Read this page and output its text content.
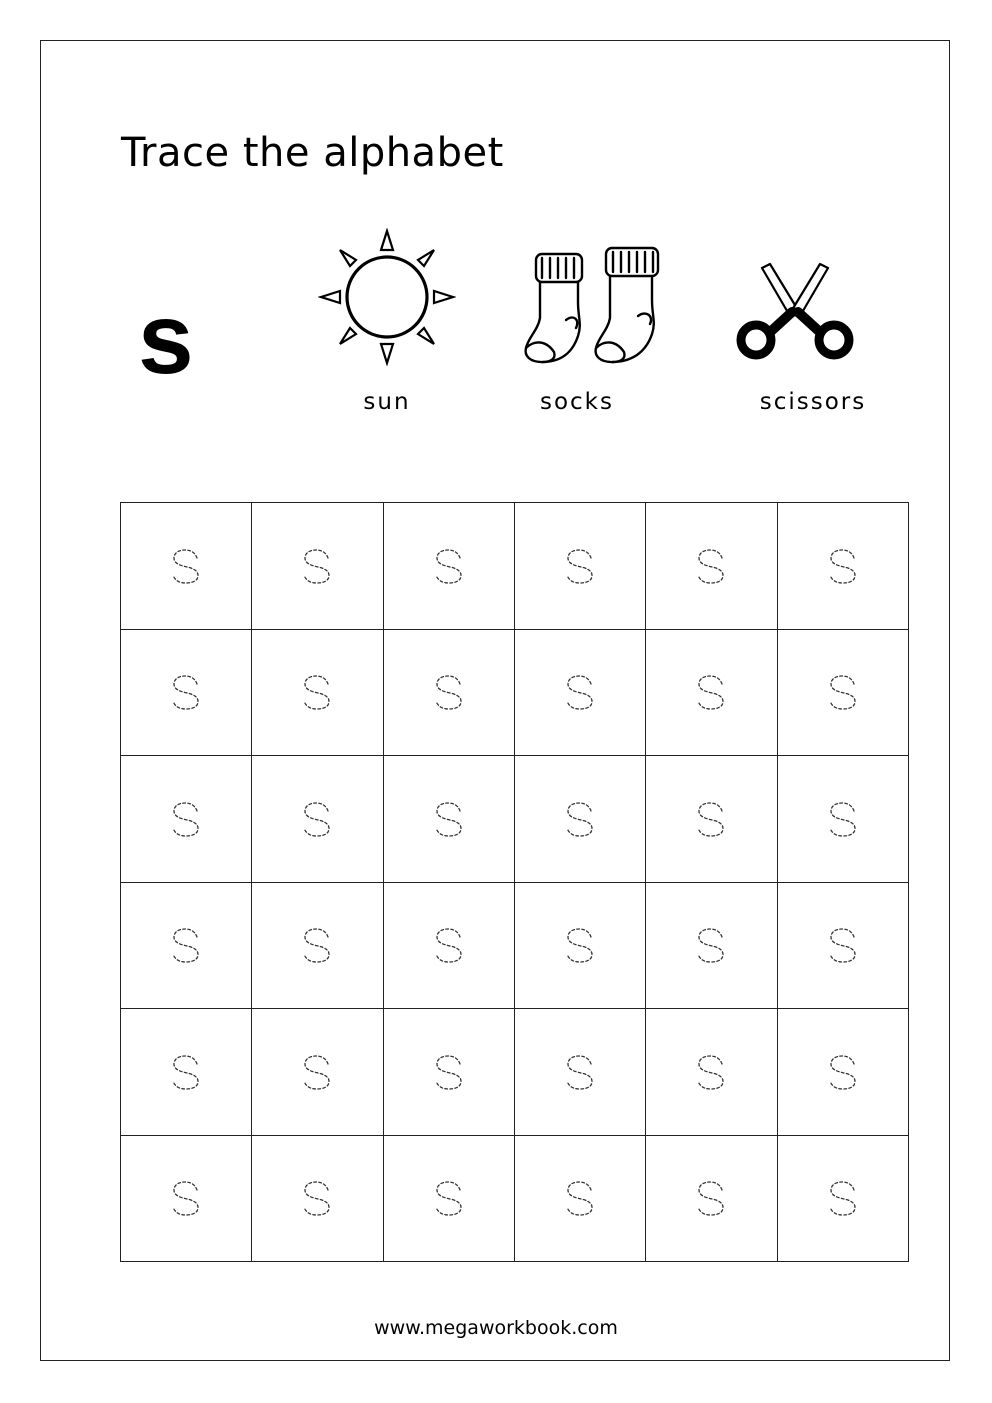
Trace the alphabet
s
sun	socks	scissors
www.megaworkbook.com
